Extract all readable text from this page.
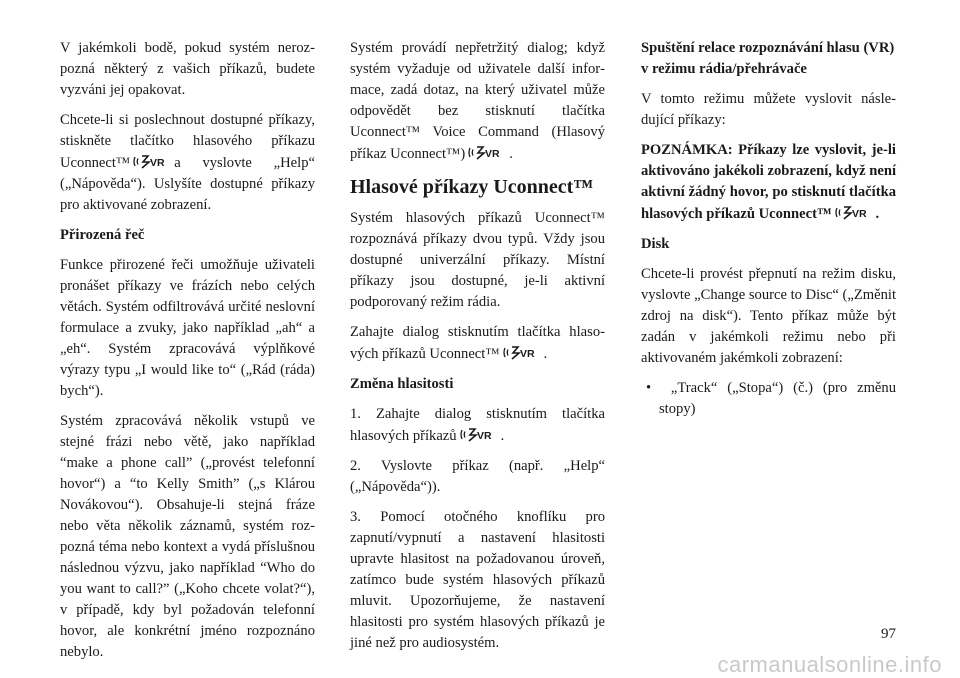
V jakémkoli bodě, pokud systém nerozpozná některý z vašich příkazů, budete vyzváni jej opakovat.

Chcete-li si poslechnout dostupné příkazy, stiskněte tlačítko hlasového příkazu Uconnect™ VR a vyslovte „Help“ („Nápověda“). Uslyšíte dostupné příkazy pro aktivované zobrazení.

Přirozená řeč

Funkce přirozené řeči umožňuje uživateli pronášet příkazy ve frázích nebo celých větách. Systém odfiltrovává určité neslovní formulace a zvuky, jako například „ah“ a „eh“. Systém zpracovává výplňkové výrazy typu „I would like to“ („Rád (ráda) bych“).

Systém zpracovává několik vstupů ve stejné frázi nebo větě, jako například “make a phone call” („provést telefonní hovor“) a “to Kelly Smith” („s Klárou Novákovou“). Obsahuje-li stejná fráze nebo věta několik záznamů, systém rozpozná téma nebo kontext a vydá příslušnou následnou výzvu, jako například “Who do you want to call?” („Koho chcete volat?“), v případě, kdy byl požadován telefonní hovor, ale konkrétní jméno rozpoznáno nebylo.

Systém provádí nepřetržitý dialog; když systém vyžaduje od uživatele další informace, zadá dotaz, na který uživatel může odpovědět bez stisknutí tlačítka Uconnect™ Voice Command (Hlasový příkaz Uconnect™) VR .

Hlasové příkazy Uconnect™

Systém hlasových příkazů Uconnect™ rozpoznává příkazy dvou typů. Vždy jsou dostupné univerzální příkazy. Místní příkazy jsou dostupné, je-li aktivní podporovaný režim rádia.

Zahajte dialog stisknutím tlačítka hlasových příkazů Uconnect™ VR .

Změna hlasitosti

1. Zahajte dialog stisknutím tlačítka hlasových příkazů VR .

2. Vyslovte příkaz (např. „Help“ („Nápověda“)).

3. Pomocí otočného knoflíku pro zapnutí/vypnutí a nastavení hlasitosti upravte hlasitost na požadovanou úroveň, zatímco bude systém hlasových příkazů mluvit. Upozorňujeme, že nastavení hlasitosti pro systém hlasových příkazů je jiné než pro audiosystém.

Spuštění relace rozpoznávání hlasu (VR) v režimu rádia/přehrávače

V tomto režimu můžete vyslovit následující příkazy:

POZNÁMKA: Příkazy lze vyslovit, je-li aktivováno jakékoli zobrazení, když není aktivní žádný hovor, po stisknutí tlačítka hlasových příkazů Uconnect™ VR .

Disk

Chcete-li provést přepnutí na režim disku, vyslovte „Change source to Disc“ („Změnit zdroj na disk“). Tento příkaz může být zadán v jakémkoli režimu nebo při aktivovaném jakémkoli zobrazení:

• „Track“ („Stopa“) (č.) (pro změnu stopy)

97
carmanualsonline.info
